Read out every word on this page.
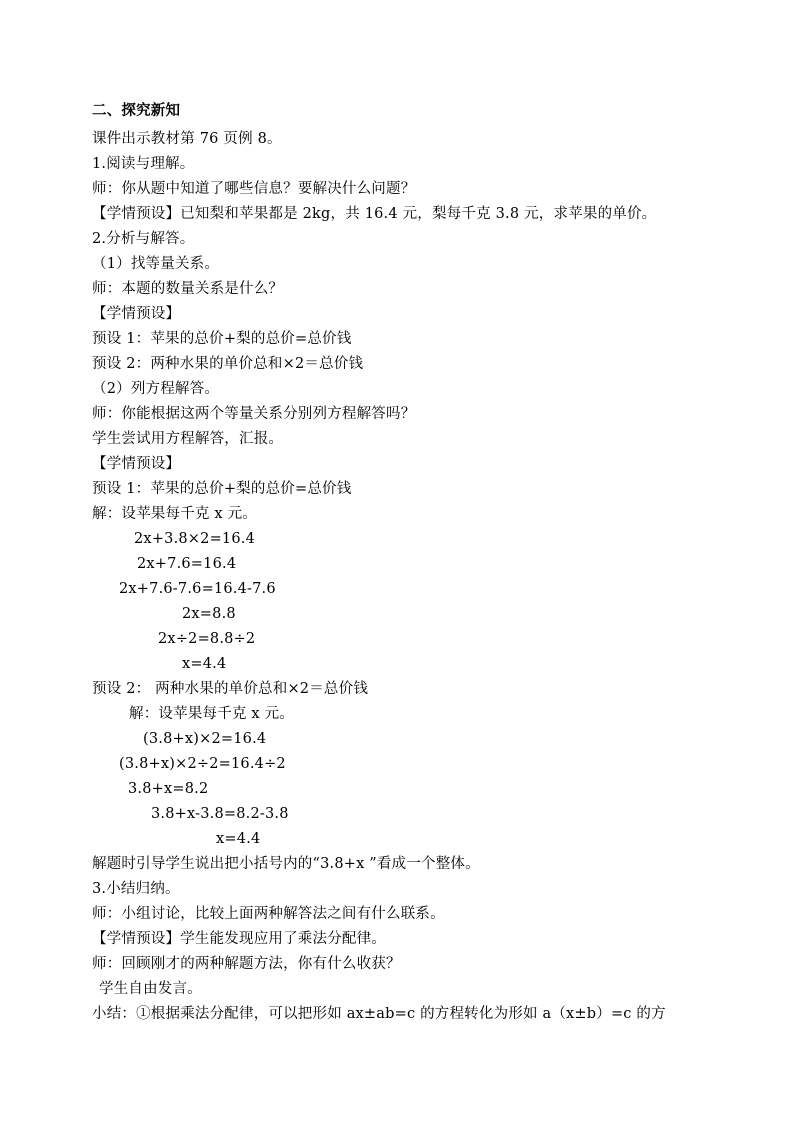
二、探究新知
课件出示教材第 76 页例 8。
1.阅读与理解。
师：你从题中知道了哪些信息？要解决什么问题？
【学情预设】已知梨和苹果都是 2kg，共 16.4 元，梨每千克 3.8 元，求苹果的单价。
2.分析与解答。
（1）找等量关系。
师：本题的数量关系是什么？
【学情预设】
预设 1：苹果的总价+梨的总价=总价钱
预设 2：两种水果的单价总和×2＝总价钱
（2）列方程解答。
师：你能根据这两个等量关系分别列方程解答吗？
学生尝试用方程解答，汇报。
【学情预设】
预设 1：苹果的总价+梨的总价=总价钱
解：设苹果每千克 x 元。
2x+3.8×2=16.4
2x+7.6=16.4
2x+7.6-7.6=16.4-7.6
2x=8.8
2x÷2=8.8÷2
x=4.4
预设 2： 两种水果的单价总和×2＝总价钱
解：设苹果每千克 x 元。
(3.8+x)×2=16.4
(3.8+x)×2÷2=16.4÷2
3.8+x=8.2
3.8+x-3.8=8.2-3.8
x=4.4
解题时引导学生说出把小括号内的“3.8+x ”看成一个整体。
3.小结归纳。
师：小组讨论，比较上面两种解答法之间有什么联系。
【学情预设】学生能发现应用了乘法分配律。
师：回顾刚才的两种解题方法，你有什么收获？
学生自由发言。
小结：①根据乘法分配律，可以把形如 ax±ab=c 的方程转化为形如 a（x±b）=c 的方
